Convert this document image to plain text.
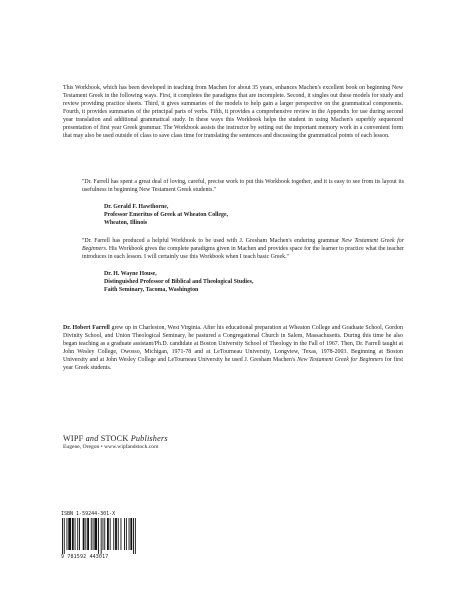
This Workbook, which has been developed in teaching from Machen for about 35 years, enhances Machen's excellent book on beginning New Testament Greek in the following ways. First, it completes the paradigms that are incomplete. Second, it singles out these models for study and review providing practice sheets. Third, it gives summaries of the models to help gain a larger perspective on the grammatical components. Fourth, it provides summaries of the principal parts of verbs. Fifth, it provides a comprehensive review in the Appendix for use during second year translation and additional grammatical study. In these ways this Workbook helps the student in using Machen's superbly sequenced presentation of first year Greek grammar. The Workbook assists the instructor by setting out the important memory work in a convenient form that may also be used outside of class to save class time for translating the sentences and discussing the grammatical points of each lesson.

"Dr. Farrell has spent a great deal of loving, careful, precise work to put this Workbook together, and it is easy to see from its layout its usefulness in beginning New Testament Greek students."

Dr. Gerald F. Hawthorne,
Professor Emeritus of Greek at Wheaton College,
Wheaton, Illinois

"Dr. Farrell has produced a helpful Workbook to be used with J. Gresham Machen's enduring grammar New Testament Greek for Beginners. His Workbook gives the complete paradigms given in Machen and provides space for the learner to practice what the teacher introduces in each lesson. I will certainly use this Workbook when I teach basic Greek."

Dr. H. Wayne House,
Distinguished Professor of Biblical and Theological Studies,
Faith Seminary, Tacoma, Washington

Dr. Hobert Farrell grew up in Charleston, West Virginia. After his educational preparation at Wheaton College and Graduate School, Gordon Divinity School, and Union Theological Seminary, he pastured a Congregational Church in Salem, Massachusetts. During this time he also began teaching as a graduate assistant/Ph.D. candidate at Boston University School of Theology in the Fall of 1967. Then, Dr. Farrell taught at John Wesley College, Owosso, Michigan, 1971-78 and at LeTourneau University, Longview, Texas, 1978-2003. Beginning at Boston University and at John Wesley College and LeTourneau University he used J. Gresham Machen's New Testament Greek for Beginners for first year Greek students.

WIPF and STOCK Publishers
Eugene, Oregon • www.wipfandstock.com
ISBN 1-59244-301-X
9 781592 443017
